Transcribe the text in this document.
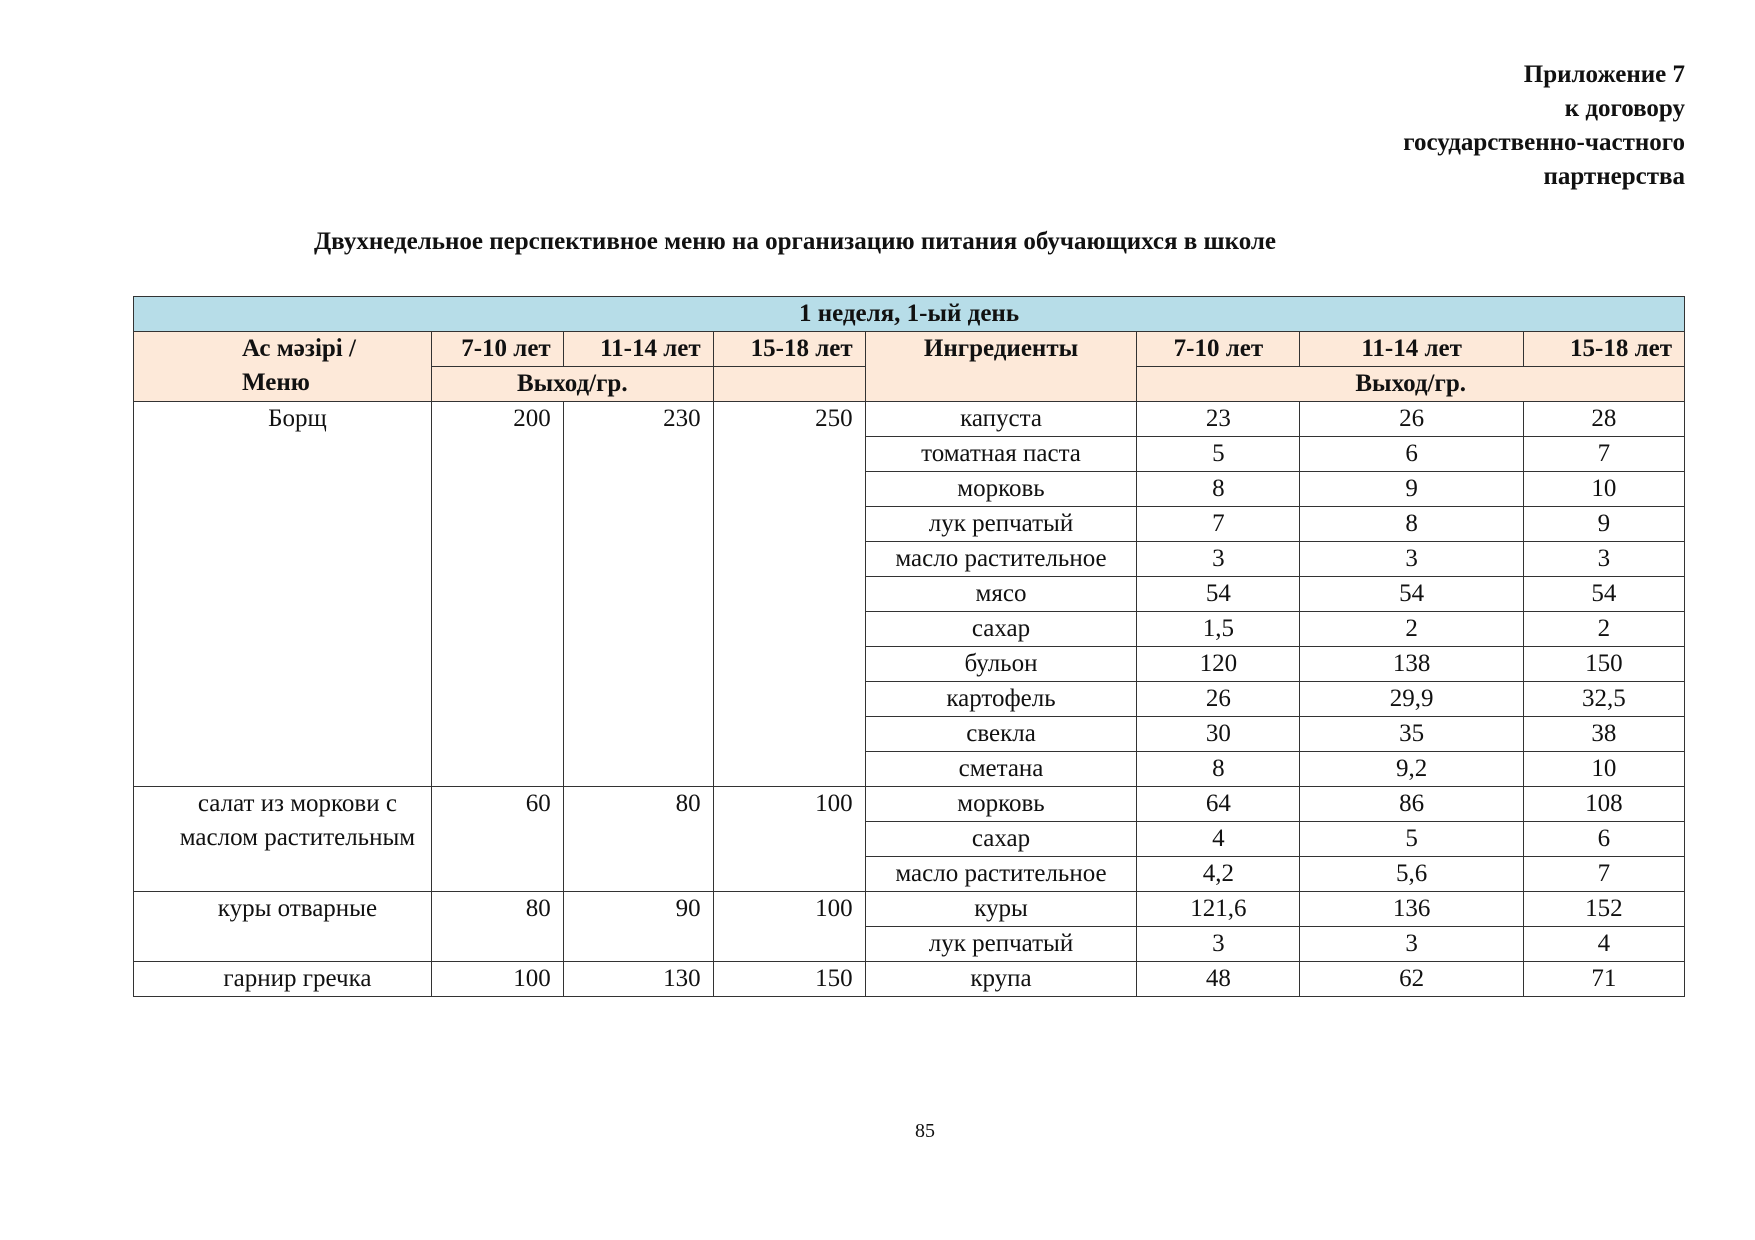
Приложение 7
к договору
государственно-частного
партнерства
Двухнедельное перспективное меню на организацию питания обучающихся в школе
1 неделя, 1-ый день							
Ас мәзірі / Меню	7-10 лет	11-14 лет	15-18 лет	Ингредиенты	7-10 лет	11-14 лет	15-18 лет
	Выход/гр.				Выход/гр.		
Борщ	200	230	250	капуста	23	26	28
				томатная паста	5	6	7
				морковь	8	9	10
				лук репчатый	7	8	9
				масло растительное	3	3	3
				мясо	54	54	54
				сахар	1,5	2	2
				бульон	120	138	150
				картофель	26	29,9	32,5
				свекла	30	35	38
				сметана	8	9,2	10
салат из моркови с маслом растительным	60	80	100	морковь	64	86	108
				сахар	4	5	6
				масло растительное	4,2	5,6	7
куры отварные	80	90	100	куры	121,6	136	152
				лук репчатый	3	3	4
гарнир гречка	100	130	150	крупа	48	62	71
85
